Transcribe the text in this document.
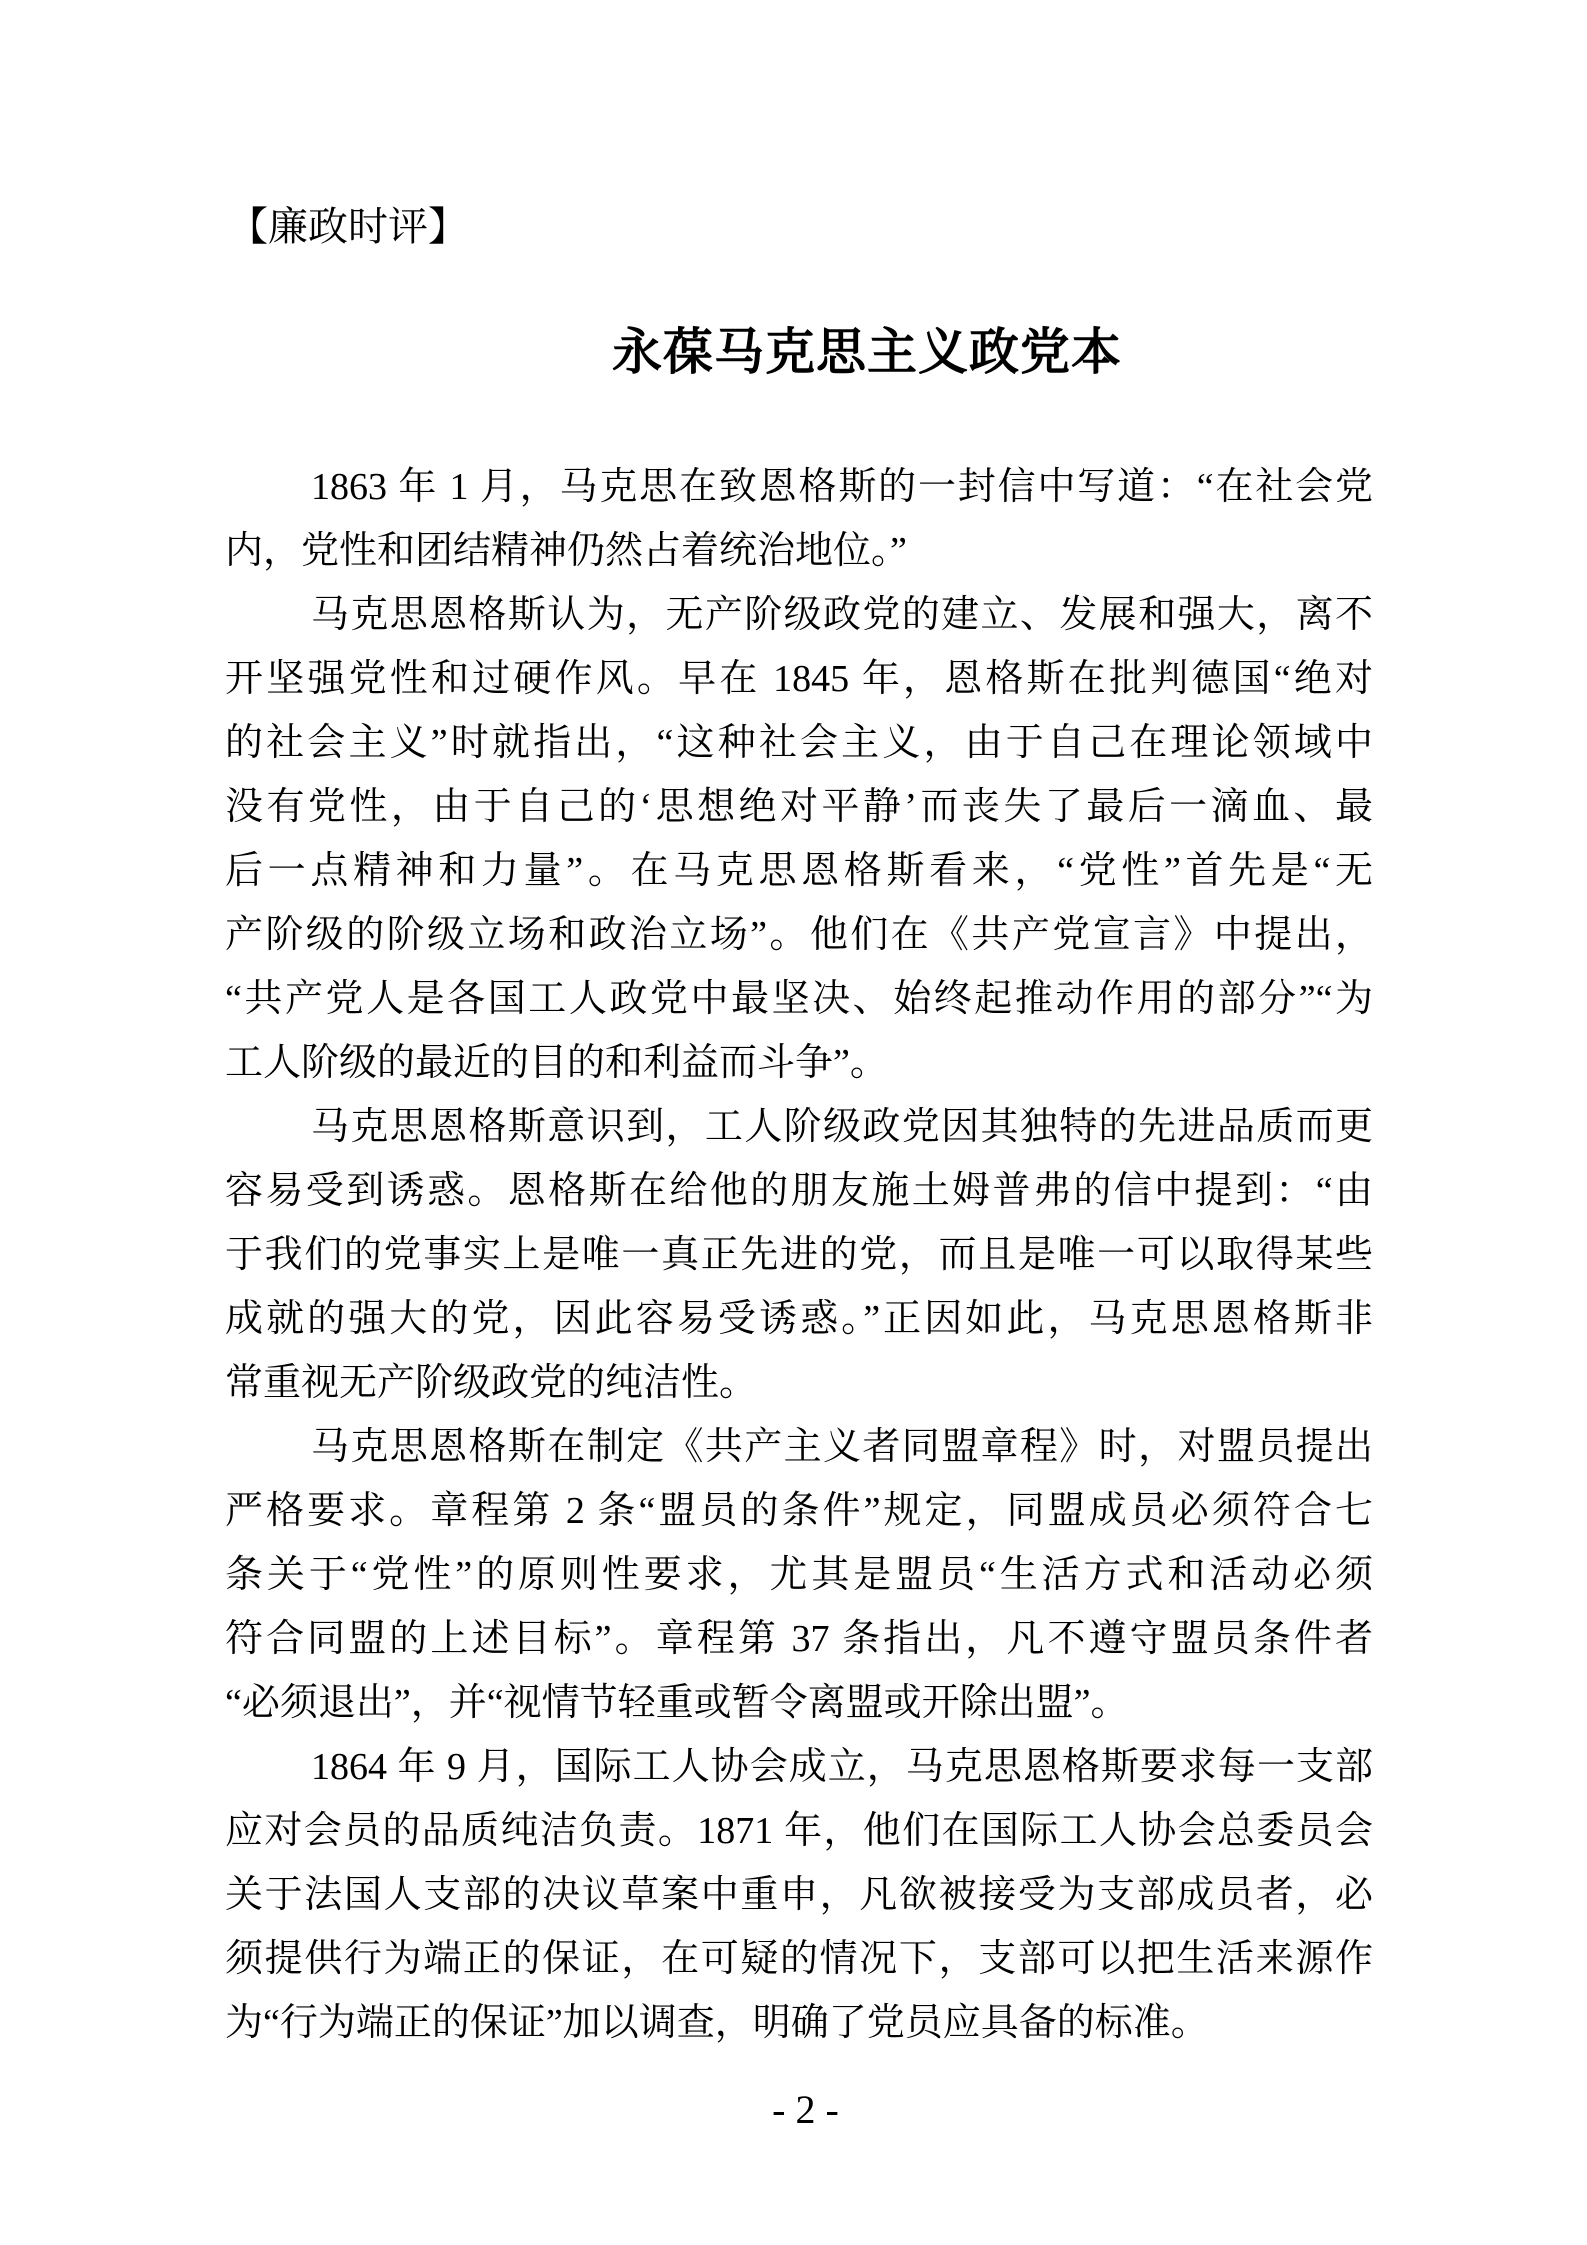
【廉政时评】
永葆马克思主义政党本
1863 年 1 月，马克思在致恩格斯的一封信中写道：“在社会党
内，党性和团结精神仍然占着统治地位。”
马克思恩格斯认为，无产阶级政党的建立、发展和强大，离不
开坚强党性和过硬作风。早在 1845 年，恩格斯在批判德国“绝对
的社会主义”时就指出，“这种社会主义，由于自己在理论领域中
没有党性，由于自己的‘思想绝对平静’而丧失了最后一滴血、最
后一点精神和力量”。在马克思恩格斯看来，“党性”首先是“无
产阶级的阶级立场和政治立场”。他们在《共产党宣言》中提出，
“共产党人是各国工人政党中最坚决、始终起推动作用的部分”“为
工人阶级的最近的目的和利益而斗争”。
马克思恩格斯意识到，工人阶级政党因其独特的先进品质而更
容易受到诱惑。恩格斯在给他的朋友施土姆普弗的信中提到：“由
于我们的党事实上是唯一真正先进的党，而且是唯一可以取得某些
成就的强大的党，因此容易受诱惑。”正因如此，马克思恩格斯非
常重视无产阶级政党的纯洁性。
马克思恩格斯在制定《共产主义者同盟章程》时，对盟员提出
严格要求。章程第 2 条“盟员的条件”规定，同盟成员必须符合七
条关于“党性”的原则性要求，尤其是盟员“生活方式和活动必须
符合同盟的上述目标”。章程第 37 条指出，凡不遵守盟员条件者
“必须退出”，并“视情节轻重或暂令离盟或开除出盟”。
1864 年 9 月，国际工人协会成立，马克思恩格斯要求每一支部
应对会员的品质纯洁负责。1871 年，他们在国际工人协会总委员会
关于法国人支部的决议草案中重申，凡欲被接受为支部成员者，必
须提供行为端正的保证，在可疑的情况下，支部可以把生活来源作
为“行为端正的保证”加以调查，明确了党员应具备的标准。
- 2 -
